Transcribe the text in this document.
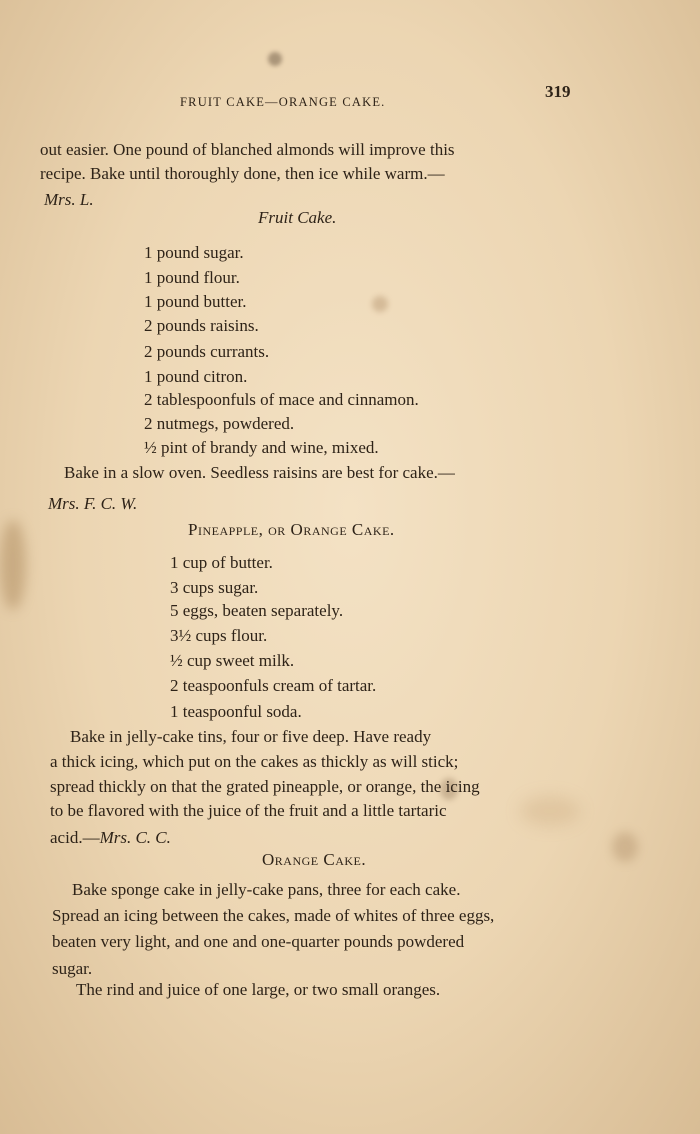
FRUIT CAKE—ORANGE CAKE.
319
out easier. One pound of blanched almonds will improve this
recipe. Bake until thoroughly done, then ice while warm.—
Mrs. L.
Fruit Cake.
1 pound sugar.
1 pound flour.
1 pound butter.
2 pounds raisins.
2 pounds currants.
1 pound citron.
2 tablespoonfuls of mace and cinnamon.
2 nutmegs, powdered.
½ pint of brandy and wine, mixed.
Bake in a slow oven. Seedless raisins are best for cake.—
Mrs. F. C. W.
Pineapple, or Orange Cake.
1 cup of butter.
3 cups sugar.
5 eggs, beaten separately.
3½ cups flour.
½ cup sweet milk.
2 teaspoonfuls cream of tartar.
1 teaspoonful soda.
Bake in jelly-cake tins, four or five deep. Have ready
a thick icing, which put on the cakes as thickly as will stick;
spread thickly on that the grated pineapple, or orange, the icing
to be flavored with the juice of the fruit and a little tartaric
acid.—Mrs. C. C.
Orange Cake.
Bake sponge cake in jelly-cake pans, three for each cake.
Spread an icing between the cakes, made of whites of three eggs,
beaten very light, and one and one-quarter pounds powdered
sugar.
The rind and juice of one large, or two small oranges.
